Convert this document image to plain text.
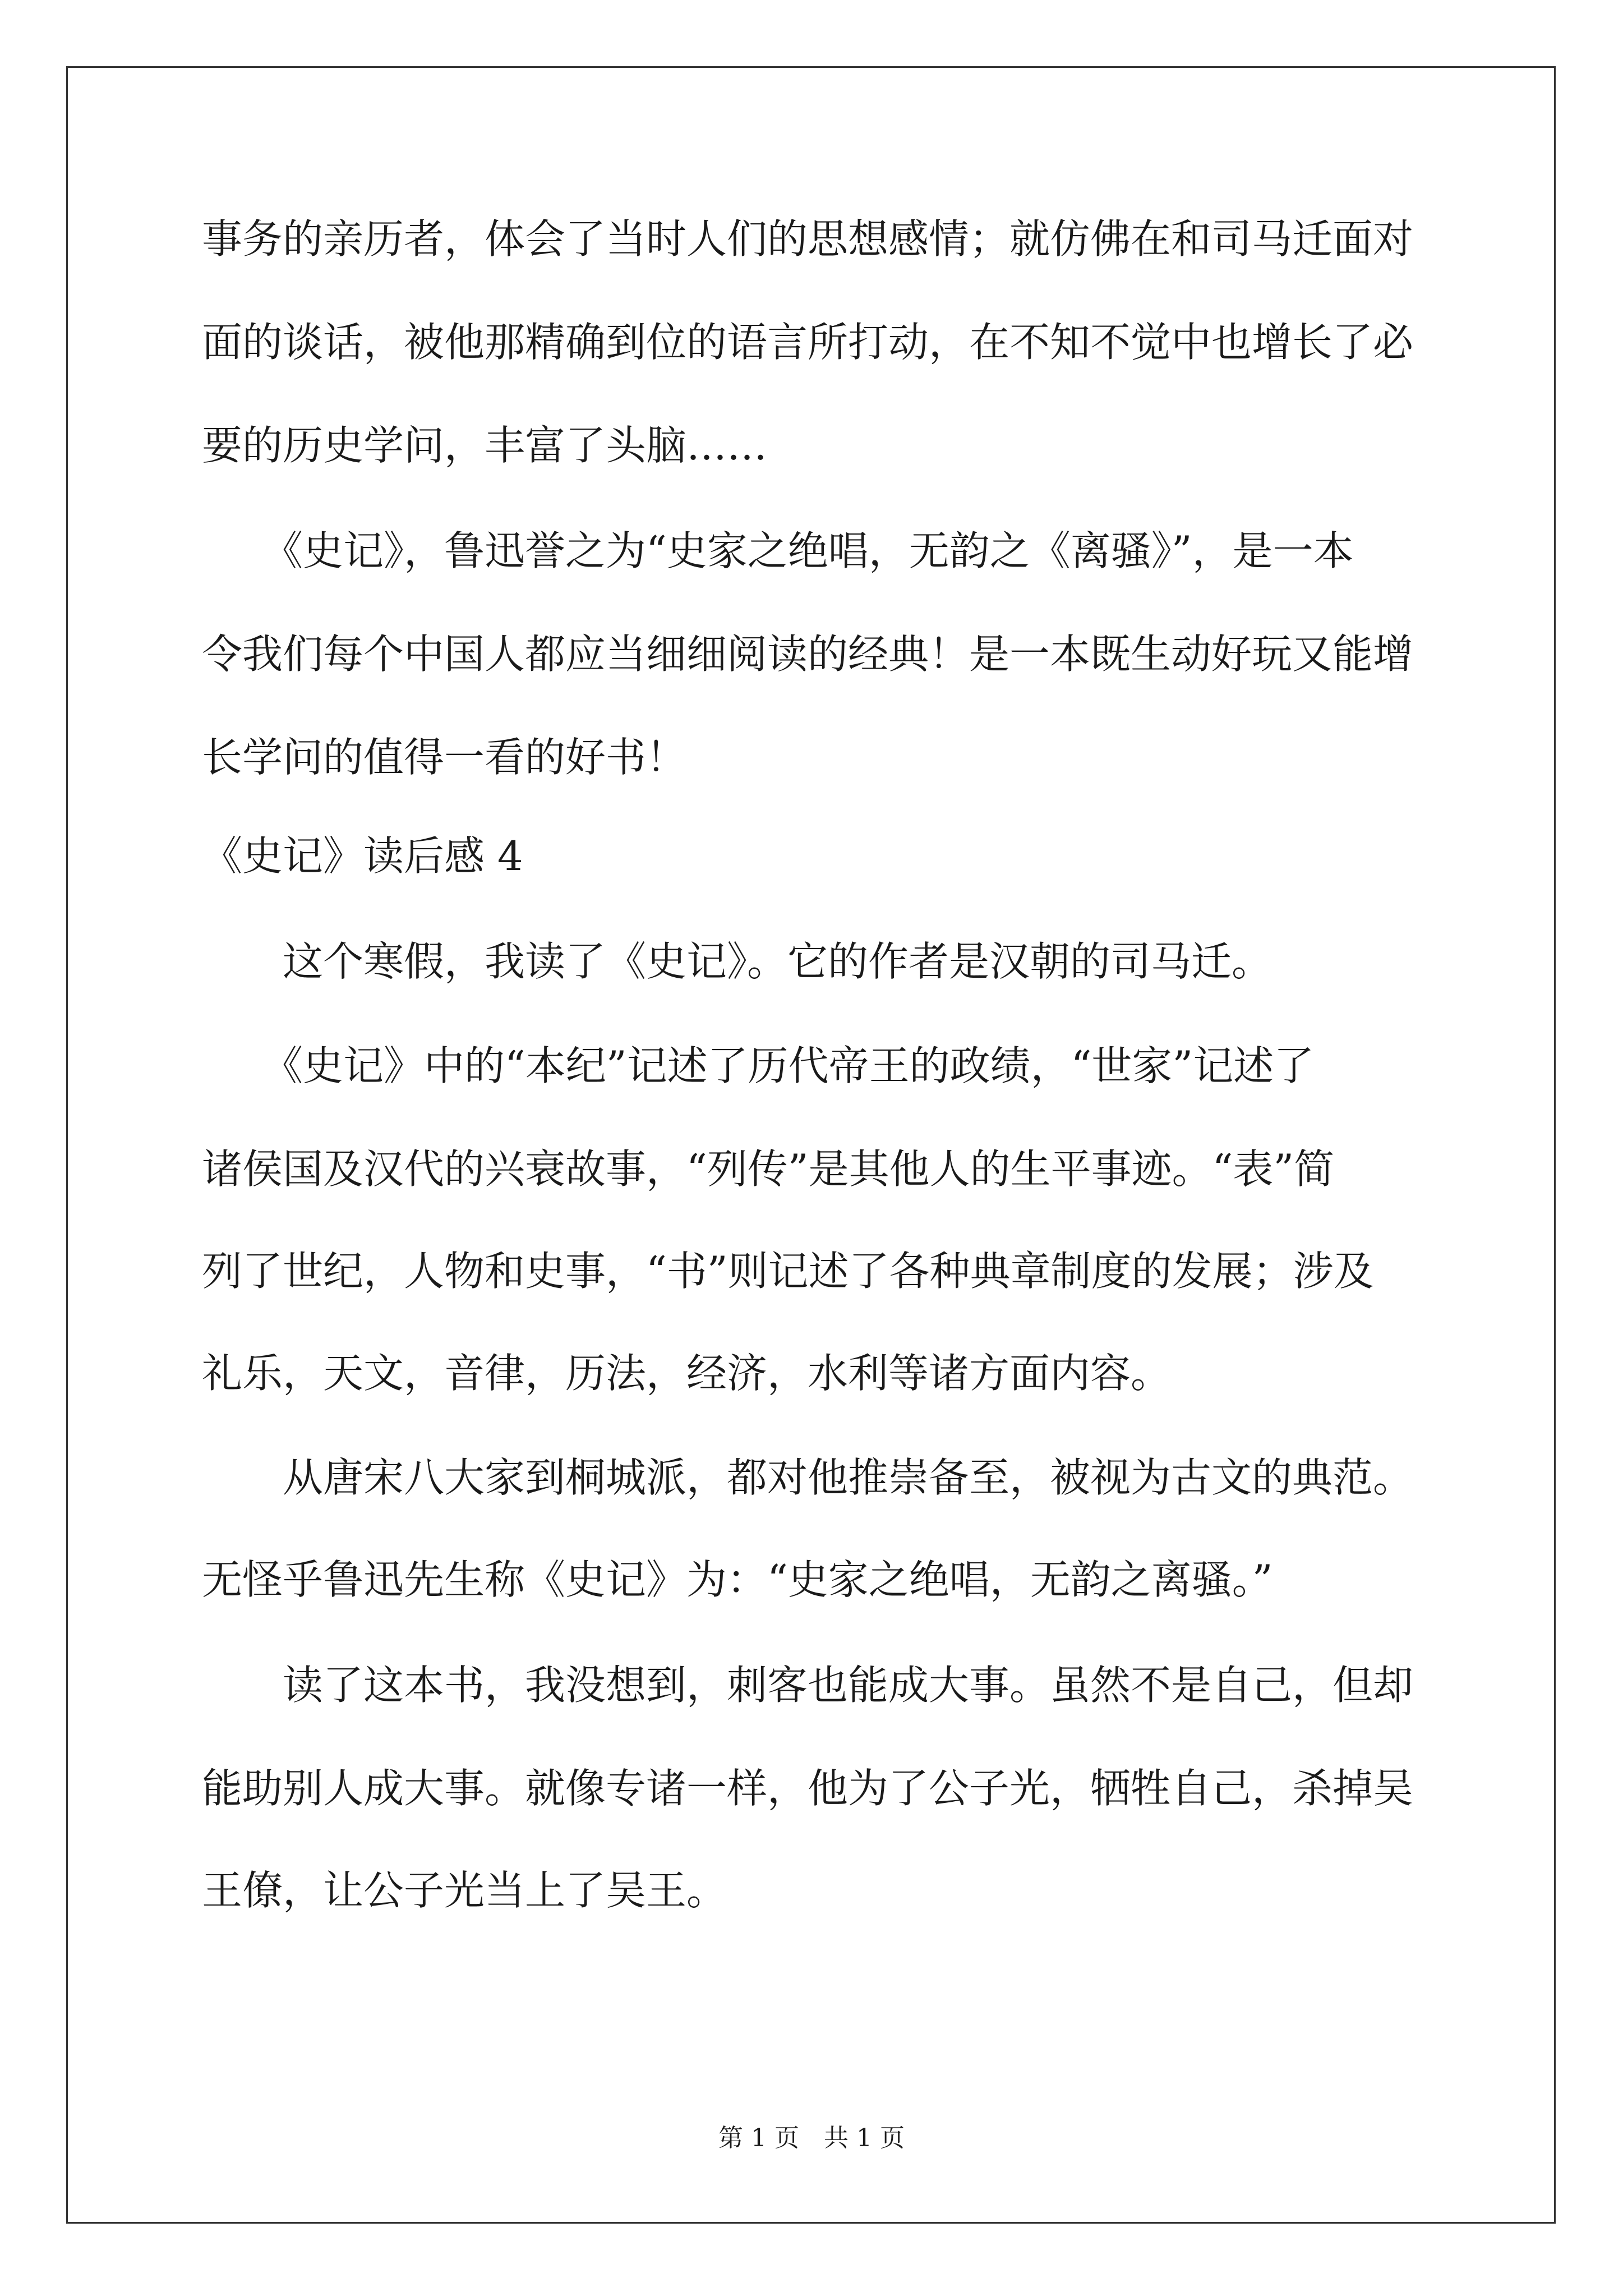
事务的亲历者，体会了当时人们的思想感情；就仿佛在和司马迁面对

面的谈话，被他那精确到位的语言所打动，在不知不觉中也增长了必

要的历史学问，丰富了头脑……

　　《史记》，鲁迅誉之为“史家之绝唱，无韵之《离骚》”，是一本

令我们每个中国人都应当细细阅读的经典！是一本既生动好玩又能增

长学问的值得一看的好书！

《史记》读后感 4

　　这个寒假，我读了《史记》。它的作者是汉朝的司马迁。

　　《史记》中的“本纪”记述了历代帝王的政绩，“世家”记述了

诸侯国及汉代的兴衰故事，“列传”是其他人的生平事迹。“表”简

列了世纪，人物和史事，“书”则记述了各种典章制度的发展；涉及

礼乐，天文，音律，历法，经济，水利等诸方面内容。

　　从唐宋八大家到桐城派，都对他推崇备至，被视为古文的典范。

无怪乎鲁迅先生称《史记》为：“史家之绝唱，无韵之离骚。”

　　读了这本书，我没想到，刺客也能成大事。虽然不是自己，但却

能助别人成大事。就像专诸一样，他为了公子光，牺牲自己，杀掉吴

王僚，让公子光当上了吴王。

第 1 页　共 1 页
